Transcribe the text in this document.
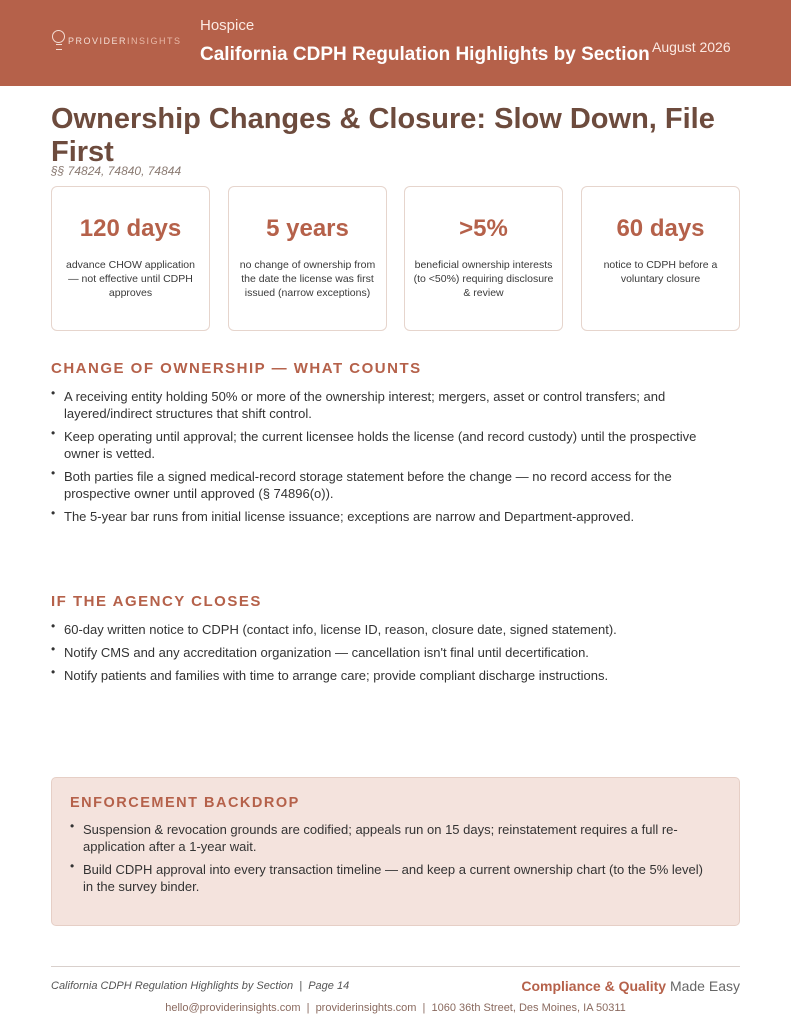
PROVIDERINSIGHTS
Hospice
California CDPH Regulation Highlights by Section August 2026
Ownership Changes & Closure: Slow Down, File First
§§ 74824, 74840, 74844
120 days
advance CHOW application — not effective until CDPH approves
5 years
no change of ownership from the date the license was first issued (narrow exceptions)
>5%
beneficial ownership interests (to <50%) requiring disclosure & review
60 days
notice to CDPH before a voluntary closure
CHANGE OF OWNERSHIP — WHAT COUNTS
• A receiving entity holding 50% or more of the ownership interest; mergers, asset or control transfers; and layered/indirect structures that shift control.
• Keep operating until approval; the current licensee holds the license (and record custody) until the prospective owner is vetted.
• Both parties file a signed medical-record storage statement before the change — no record access for the prospective owner until approved (§ 74896(o)).
• The 5-year bar runs from initial license issuance; exceptions are narrow and Department-approved.
IF THE AGENCY CLOSES
• 60-day written notice to CDPH (contact info, license ID, reason, closure date, signed statement).
• Notify CMS and any accreditation organization — cancellation isn't final until decertification.
• Notify patients and families with time to arrange care; provide compliant discharge instructions.
ENFORCEMENT BACKDROP
• Suspension & revocation grounds are codified; appeals run on 15 days; reinstatement requires a full re-application after a 1-year wait.
• Build CDPH approval into every transaction timeline — and keep a current ownership chart (to the 5% level) in the survey binder.
California CDPH Regulation Highlights by Section  |  Page 14	Compliance & Quality Made Easy
hello@providerinsights.com  |  providerinsights.com  |  1060 36th Street, Des Moines, IA 50311
